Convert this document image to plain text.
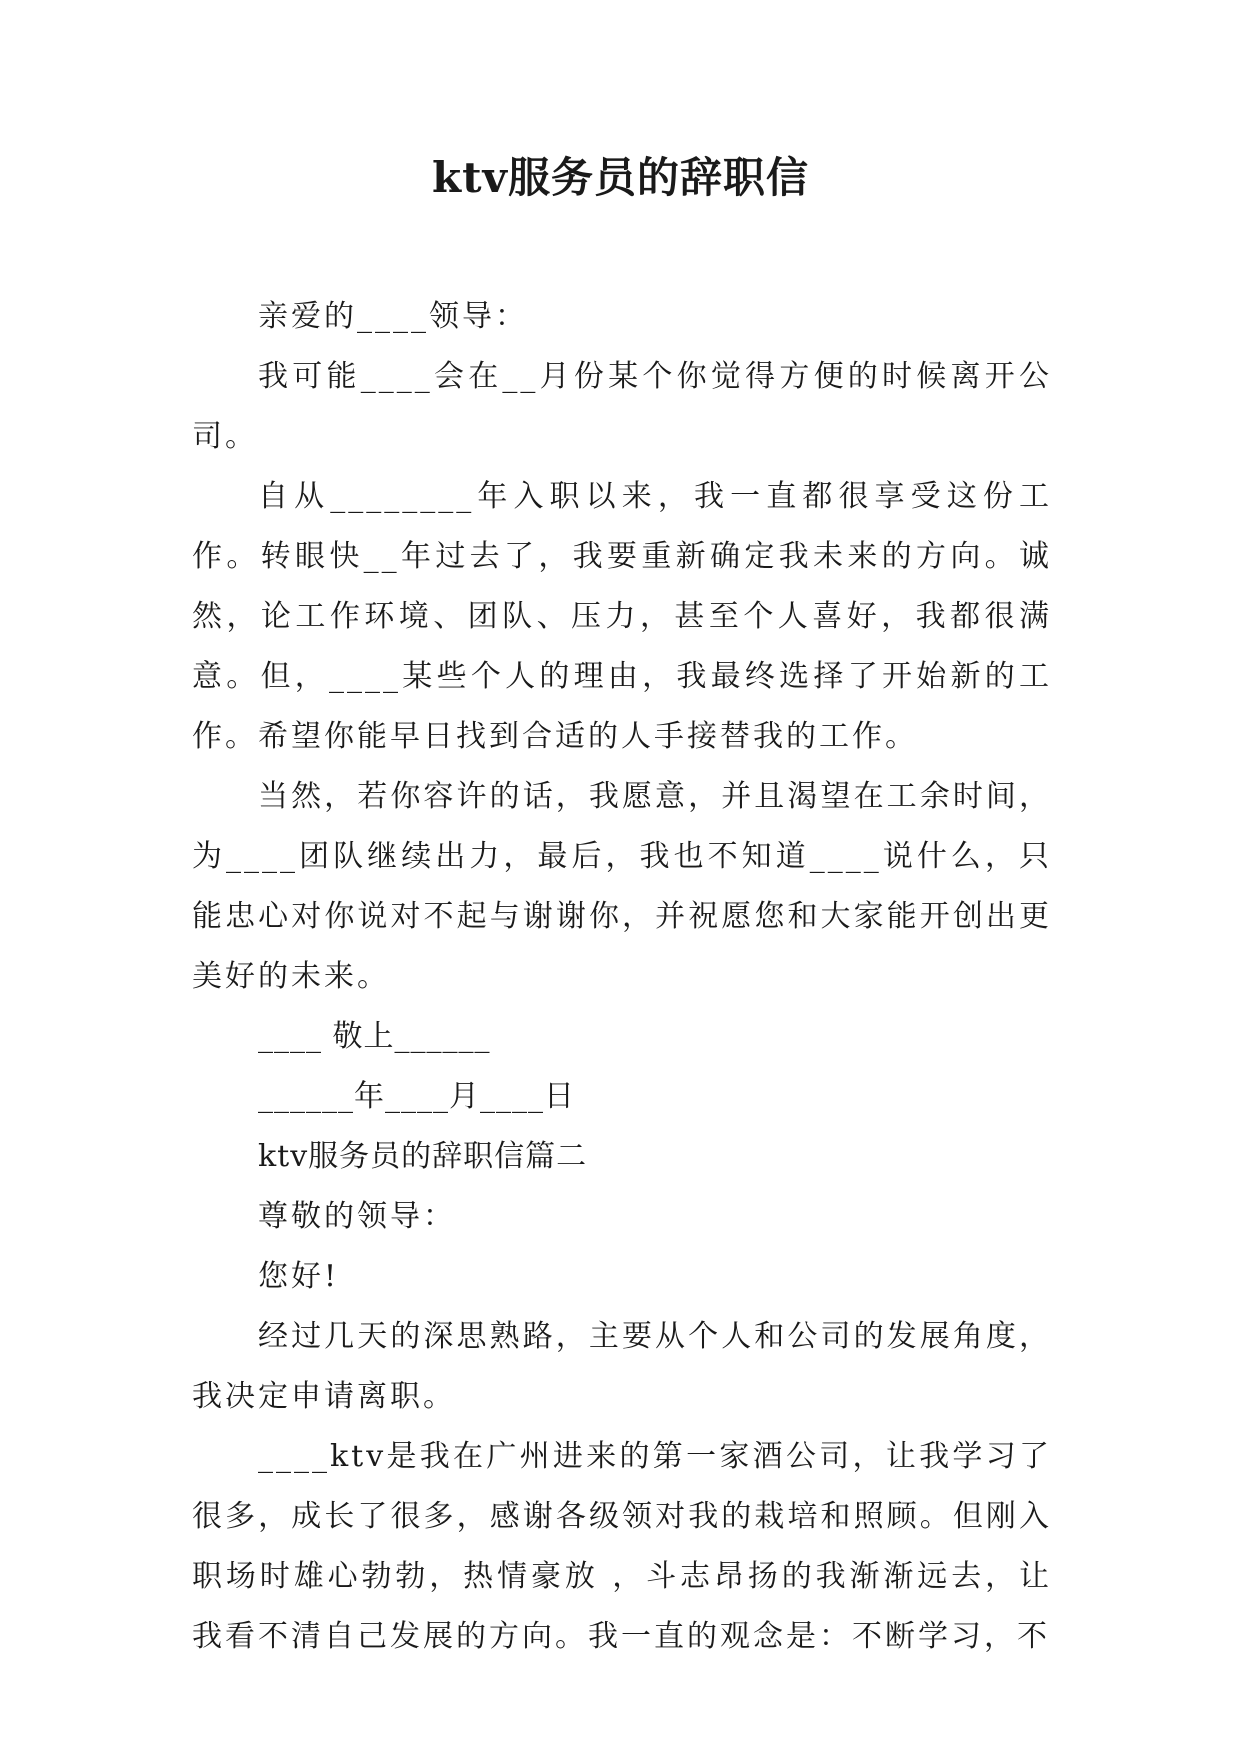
ktv服务员的辞职信

亲爱的____领导：

我可能____会在__月份某个你觉得方便的时候离开公司。

自从________年入职以来，我一直都很享受这份工作。转眼快__年过去了，我要重新确定我未来的方向。诚然，论工作环境、团队、压力，甚至个人喜好，我都很满意。但，____某些个人的理由，我最终选择了开始新的工作。希望你能早日找到合适的人手接替我的工作。

当然，若你容许的话，我愿意，并且渴望在工余时间，为____团队继续出力，最后，我也不知道____说什么，只能忠心对你说对不起与谢谢你，并祝愿您和大家能开创出更美好的未来。

____ 敬上______

______年____月____日

ktv服务员的辞职信篇二

尊敬的领导：

您好!

经过几天的深思熟路，主要从个人和公司的发展角度，我决定申请离职。

____ktv是我在广州进来的第一家酒公司，让我学习了很多，成长了很多，感谢各级领对我的栽培和照顾。但刚入职场时雄心勃勃，热情豪放 ，斗志昂扬的我渐渐远去，让我看不清自己发展的方向。我一直的观念是：不断学习，不
